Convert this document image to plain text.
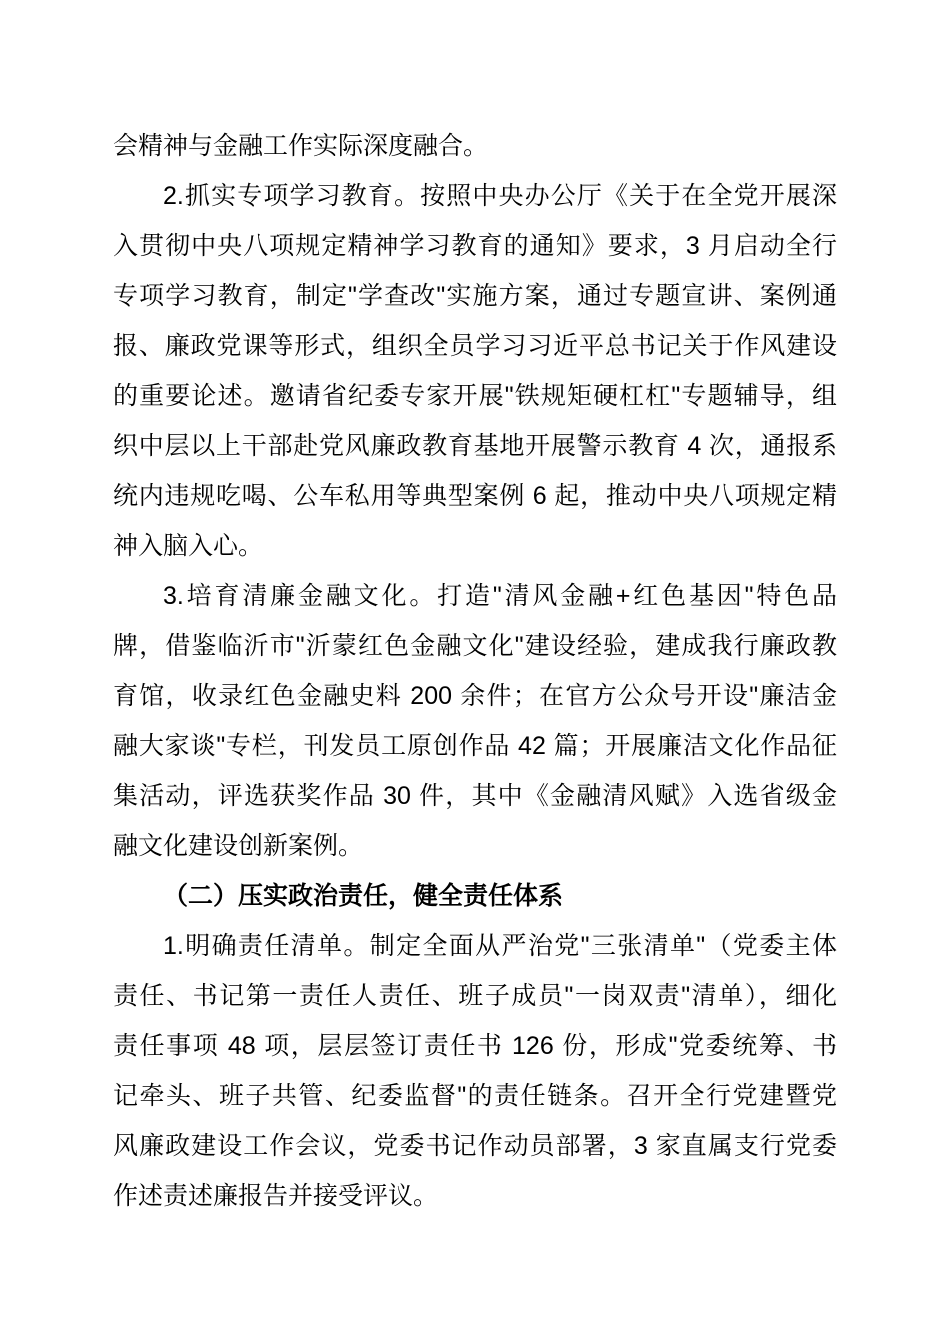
会精神与金融工作实际深度融合。
2.抓实专项学习教育。按照中央办公厅《关于在全党开展深
入贯彻中央八项规定精神学习教育的通知》要求，3 月启动全行
专项学习教育，制定"学查改"实施方案，通过专题宣讲、案例通
报、廉政党课等形式，组织全员学习习近平总书记关于作风建设
的重要论述。邀请省纪委专家开展"铁规矩硬杠杠"专题辅导，组
织中层以上干部赴党风廉政教育基地开展警示教育 4 次，通报系
统内违规吃喝、公车私用等典型案例 6 起，推动中央八项规定精
神入脑入心。
3.培育清廉金融文化。打造"清风金融+红色基因"特色品
牌，借鉴临沂市"沂蒙红色金融文化"建设经验，建成我行廉政教
育馆，收录红色金融史料 200 余件；在官方公众号开设"廉洁金
融大家谈"专栏，刊发员工原创作品 42 篇；开展廉洁文化作品征
集活动，评选获奖作品 30 件，其中《金融清风赋》入选省级金
融文化建设创新案例。
（二）压实政治责任，健全责任体系
1.明确责任清单。制定全面从严治党"三张清单"（党委主体
责任、书记第一责任人责任、班子成员"一岗双责"清单），细化
责任事项 48 项，层层签订责任书 126 份，形成"党委统筹、书
记牵头、班子共管、纪委监督"的责任链条。召开全行党建暨党
风廉政建设工作会议，党委书记作动员部署，3 家直属支行党委
作述责述廉报告并接受评议。
